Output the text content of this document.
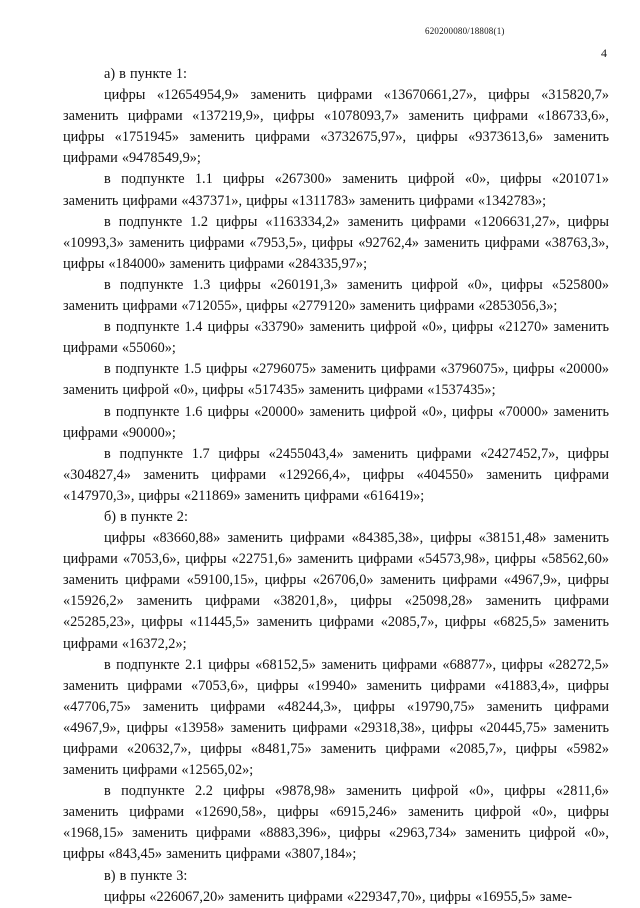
620200080/18808(1)
4

а) в пункте 1:

цифры «12654954,9» заменить цифрами «13670661,27», цифры «315820,7» заменить цифрами «137219,9», цифры «1078093,7» заменить цифрами «186733,6», цифры «1751945» заменить цифрами «3732675,97», цифры «9373613,6» заменить цифрами «9478549,9»;

в подпункте 1.1 цифры «267300» заменить цифрой «0», цифры «201071» заменить цифрами «437371», цифры «1311783» заменить цифрами «1342783»;

в подпункте 1.2 цифры «1163334,2» заменить цифрами «1206631,27», цифры «10993,3» заменить цифрами «7953,5», цифры «92762,4» заменить цифрами «38763,3», цифры «184000» заменить цифрами «284335,97»;

в подпункте 1.3 цифры «260191,3» заменить цифрой «0», цифры «525800» заменить цифрами «712055», цифры «2779120» заменить цифрами «2853056,3»;

в подпункте 1.4 цифры «33790» заменить цифрой «0», цифры «21270» заменить цифрами «55060»;

в подпункте 1.5 цифры «2796075» заменить цифрами «3796075», цифры «20000» заменить цифрой «0», цифры «517435» заменить цифрами «1537435»;

в подпункте 1.6 цифры «20000» заменить цифрой «0», цифры «70000» заменить цифрами «90000»;

в подпункте 1.7 цифры «2455043,4» заменить цифрами «2427452,7», цифры «304827,4» заменить цифрами «129266,4», цифры «404550» заменить цифрами «147970,3», цифры «211869» заменить цифрами «616419»;

б) в пункте 2:

цифры «83660,88» заменить цифрами «84385,38», цифры «38151,48» заменить цифрами «7053,6», цифры «22751,6» заменить цифрами «54573,98», цифры «58562,60» заменить цифрами «59100,15», цифры «26706,0» заменить цифрами «4967,9», цифры «15926,2» заменить цифрами «38201,8», цифры «25098,28» заменить цифрами «25285,23», цифры «11445,5» заменить цифрами «2085,7», цифры «6825,5» заменить цифрами «16372,2»;

в подпункте 2.1 цифры «68152,5» заменить цифрами «68877», цифры «28272,5» заменить цифрами «7053,6», цифры «19940» заменить цифрами «41883,4», цифры «47706,75» заменить цифрами «48244,3», цифры «19790,75» заменить цифрами «4967,9», цифры «13958» заменить цифрами «29318,38», цифры «20445,75» заменить цифрами «20632,7», цифры «8481,75» заменить цифрами «2085,7», цифры «5982» заменить цифрами «12565,02»;

в подпункте 2.2 цифры «9878,98» заменить цифрой «0», цифры «2811,6» заменить цифрами «12690,58», цифры «6915,246» заменить цифрой «0», цифры «1968,15» заменить цифрами «8883,396», цифры «2963,734» заменить цифрой «0», цифры «843,45» заменить цифрами «3807,184»;

в) в пункте 3:

цифры «226067,20» заменить цифрами «229347,70», цифры «16955,5» заме-
